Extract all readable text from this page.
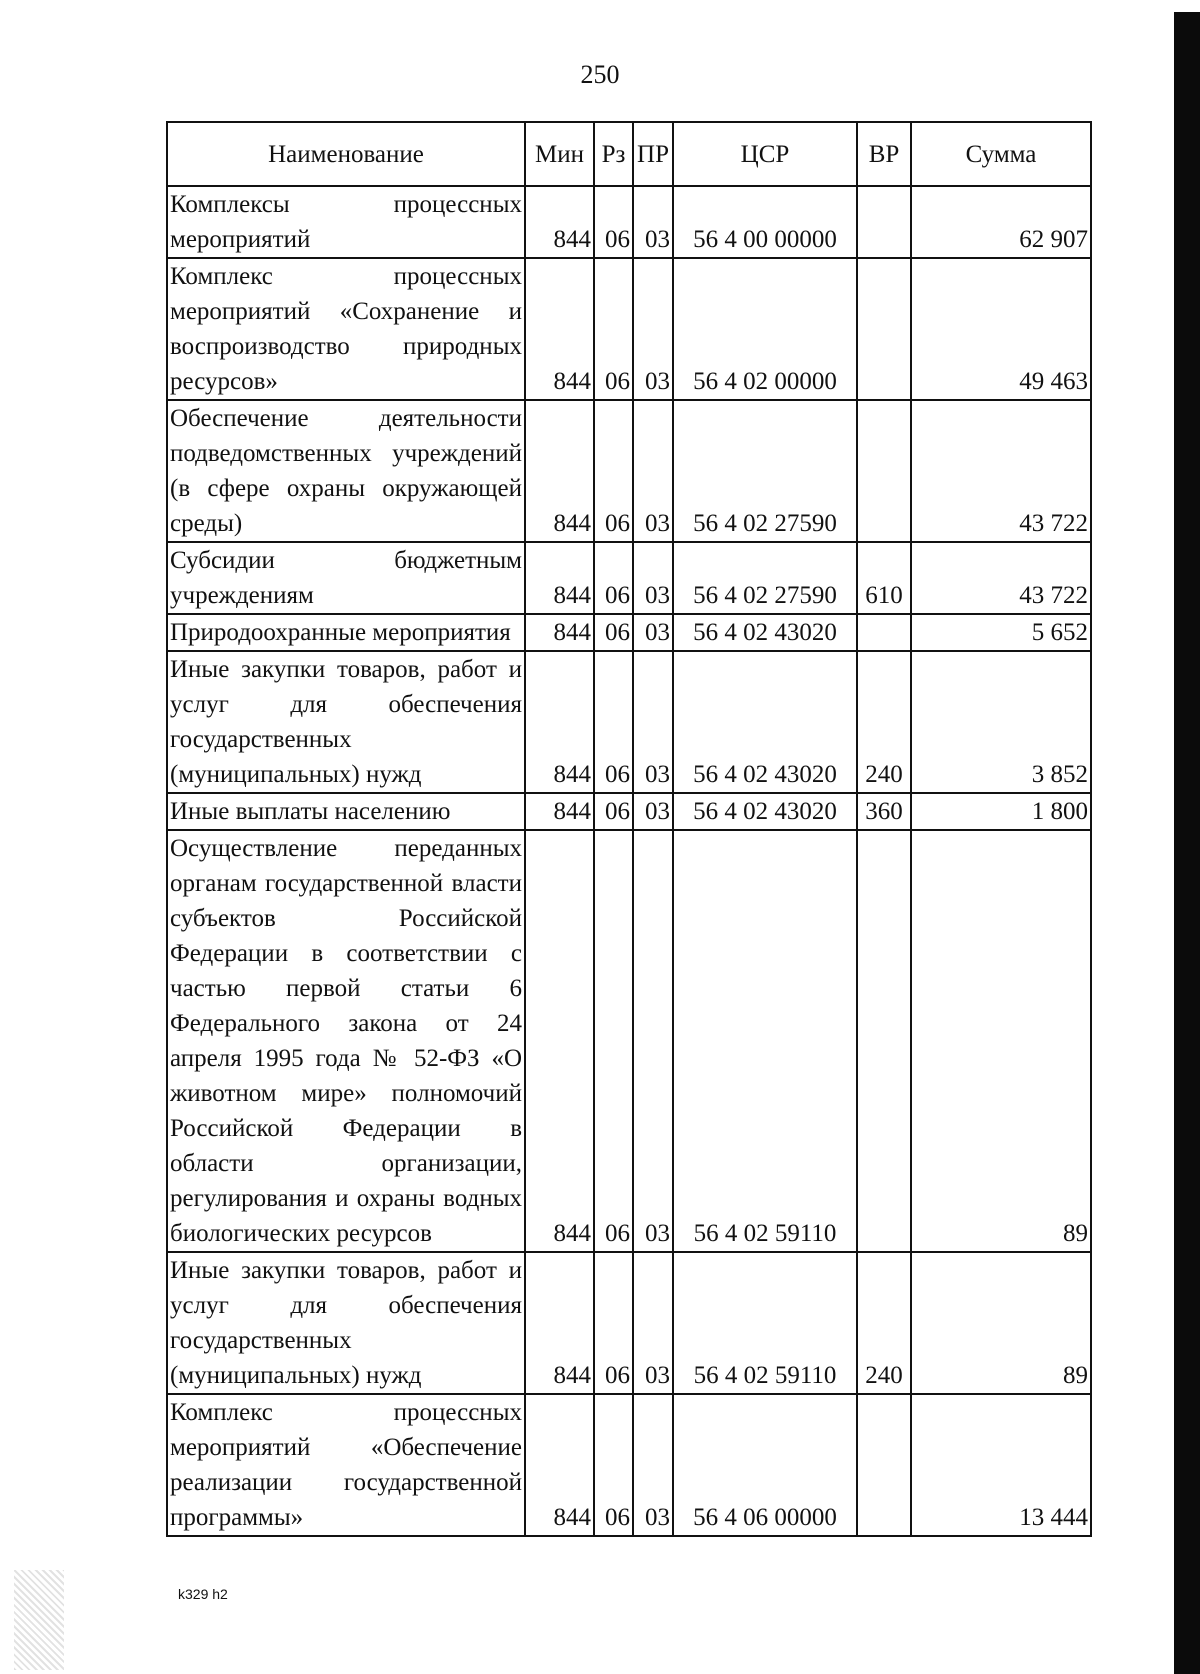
250
Наименование	Мин	Рз	ПР	ЦСР	ВР	Сумма
Комплексы процессных мероприятий	844	06	03	56 4 00 00000		62 907
Комплекс процессных мероприятий «Сохранение и воспроизводство природных ресурсов»	844	06	03	56 4 02 00000		49 463
Обеспечение деятельности подведомственных учреждений (в сфере охраны окружающей среды)	844	06	03	56 4 02 27590		43 722
Субсидии бюджетным учреждениям	844	06	03	56 4 02 27590	610	43 722
Природоохранные мероприятия	844	06	03	56 4 02 43020		5 652
Иные закупки товаров, работ и услуг для обеспечения государственных (муниципальных) нужд	844	06	03	56 4 02 43020	240	3 852
Иные выплаты населению	844	06	03	56 4 02 43020	360	1 800
Осуществление переданных органам государственной власти субъектов Российской Федерации в соответствии с частью первой статьи 6 Федерального закона от 24 апреля 1995 года № 52-ФЗ «О животном мире» полномочий Российской Федерации в области организации, регулирования и охраны водных биологических ресурсов	844	06	03	56 4 02 59110		89
Иные закупки товаров, работ и услуг для обеспечения государственных (муниципальных) нужд	844	06	03	56 4 02 59110	240	89
Комплекс процессных мероприятий «Обеспечение реализации государственной программы»	844	06	03	56 4 06 00000		13 444
k329 h2
